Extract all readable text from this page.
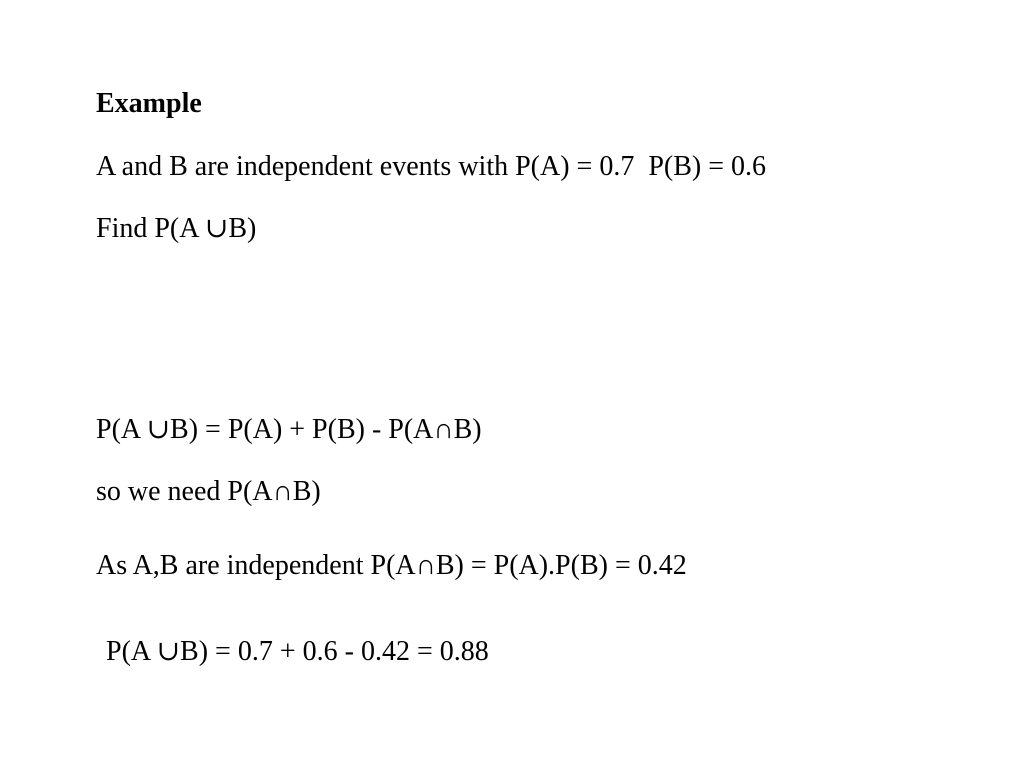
Example
A and B are independent events with P(A) = 0.7  P(B) = 0.6
Find P(A ∪B)
P(A ∪B) = P(A) + P(B) - P(A∩B)
so we need P(A∩B)
As A,B are independent P(A∩B) = P(A).P(B) = 0.42
P(A ∪B) = 0.7 + 0.6 - 0.42 = 0.88
